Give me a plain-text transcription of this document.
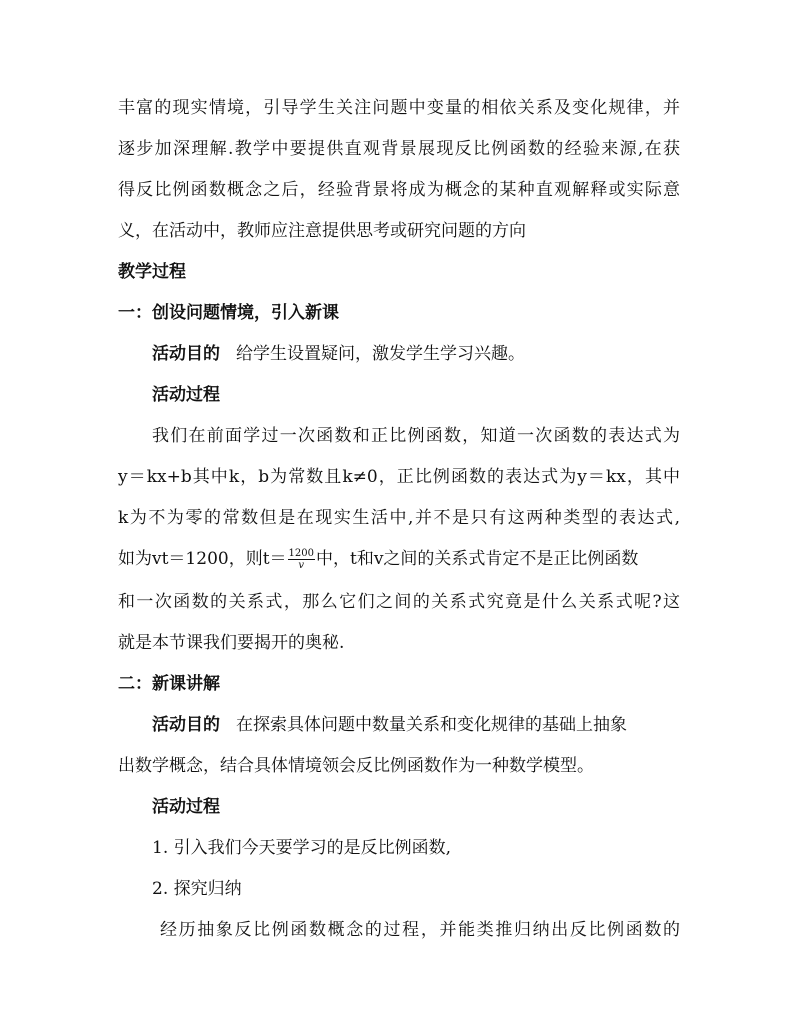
丰富的现实情境，引导学生关注问题中变量的相依关系及变化规律，并
逐步加深理解.教学中要提供直观背景展现反比例函数的经验来源,在获
得反比例函数概念之后，经验背景将成为概念的某种直观解释或实际意
义，在活动中，教师应注意提供思考或研究问题的方向
教学过程
一：创设问题情境，引入新课
活动目的 给学生设置疑问，激发学生学习兴趣。
活动过程
我们在前面学过一次函数和正比例函数，知道一次函数的表达式为
y＝kx+b其中k，b为常数且k≠0，正比例函数的表达式为y＝kx，其中
k为不为零的常数但是在现实生活中,并不是只有这两种类型的表达式,
如为vt＝1200，则$t= \frac{1200}{v}$ 中，t和v之间的关系式肯定不是正比例函数
和一次函数的关系式，那么它们之间的关系式究竟是什么关系式呢?这
就是本节课我们要揭开的奥秘.
二：新课讲解
活动目的 在探索具体问题中数量关系和变化规律的基础上抽象
出数学概念，结合具体情境领会反比例函数作为一种数学模型。
活动过程
1. 引入我们今天要学习的是反比例函数,
2. 探究归纳
经历抽象反比例函数概念的过程，并能类推归纳出反比例函数的
